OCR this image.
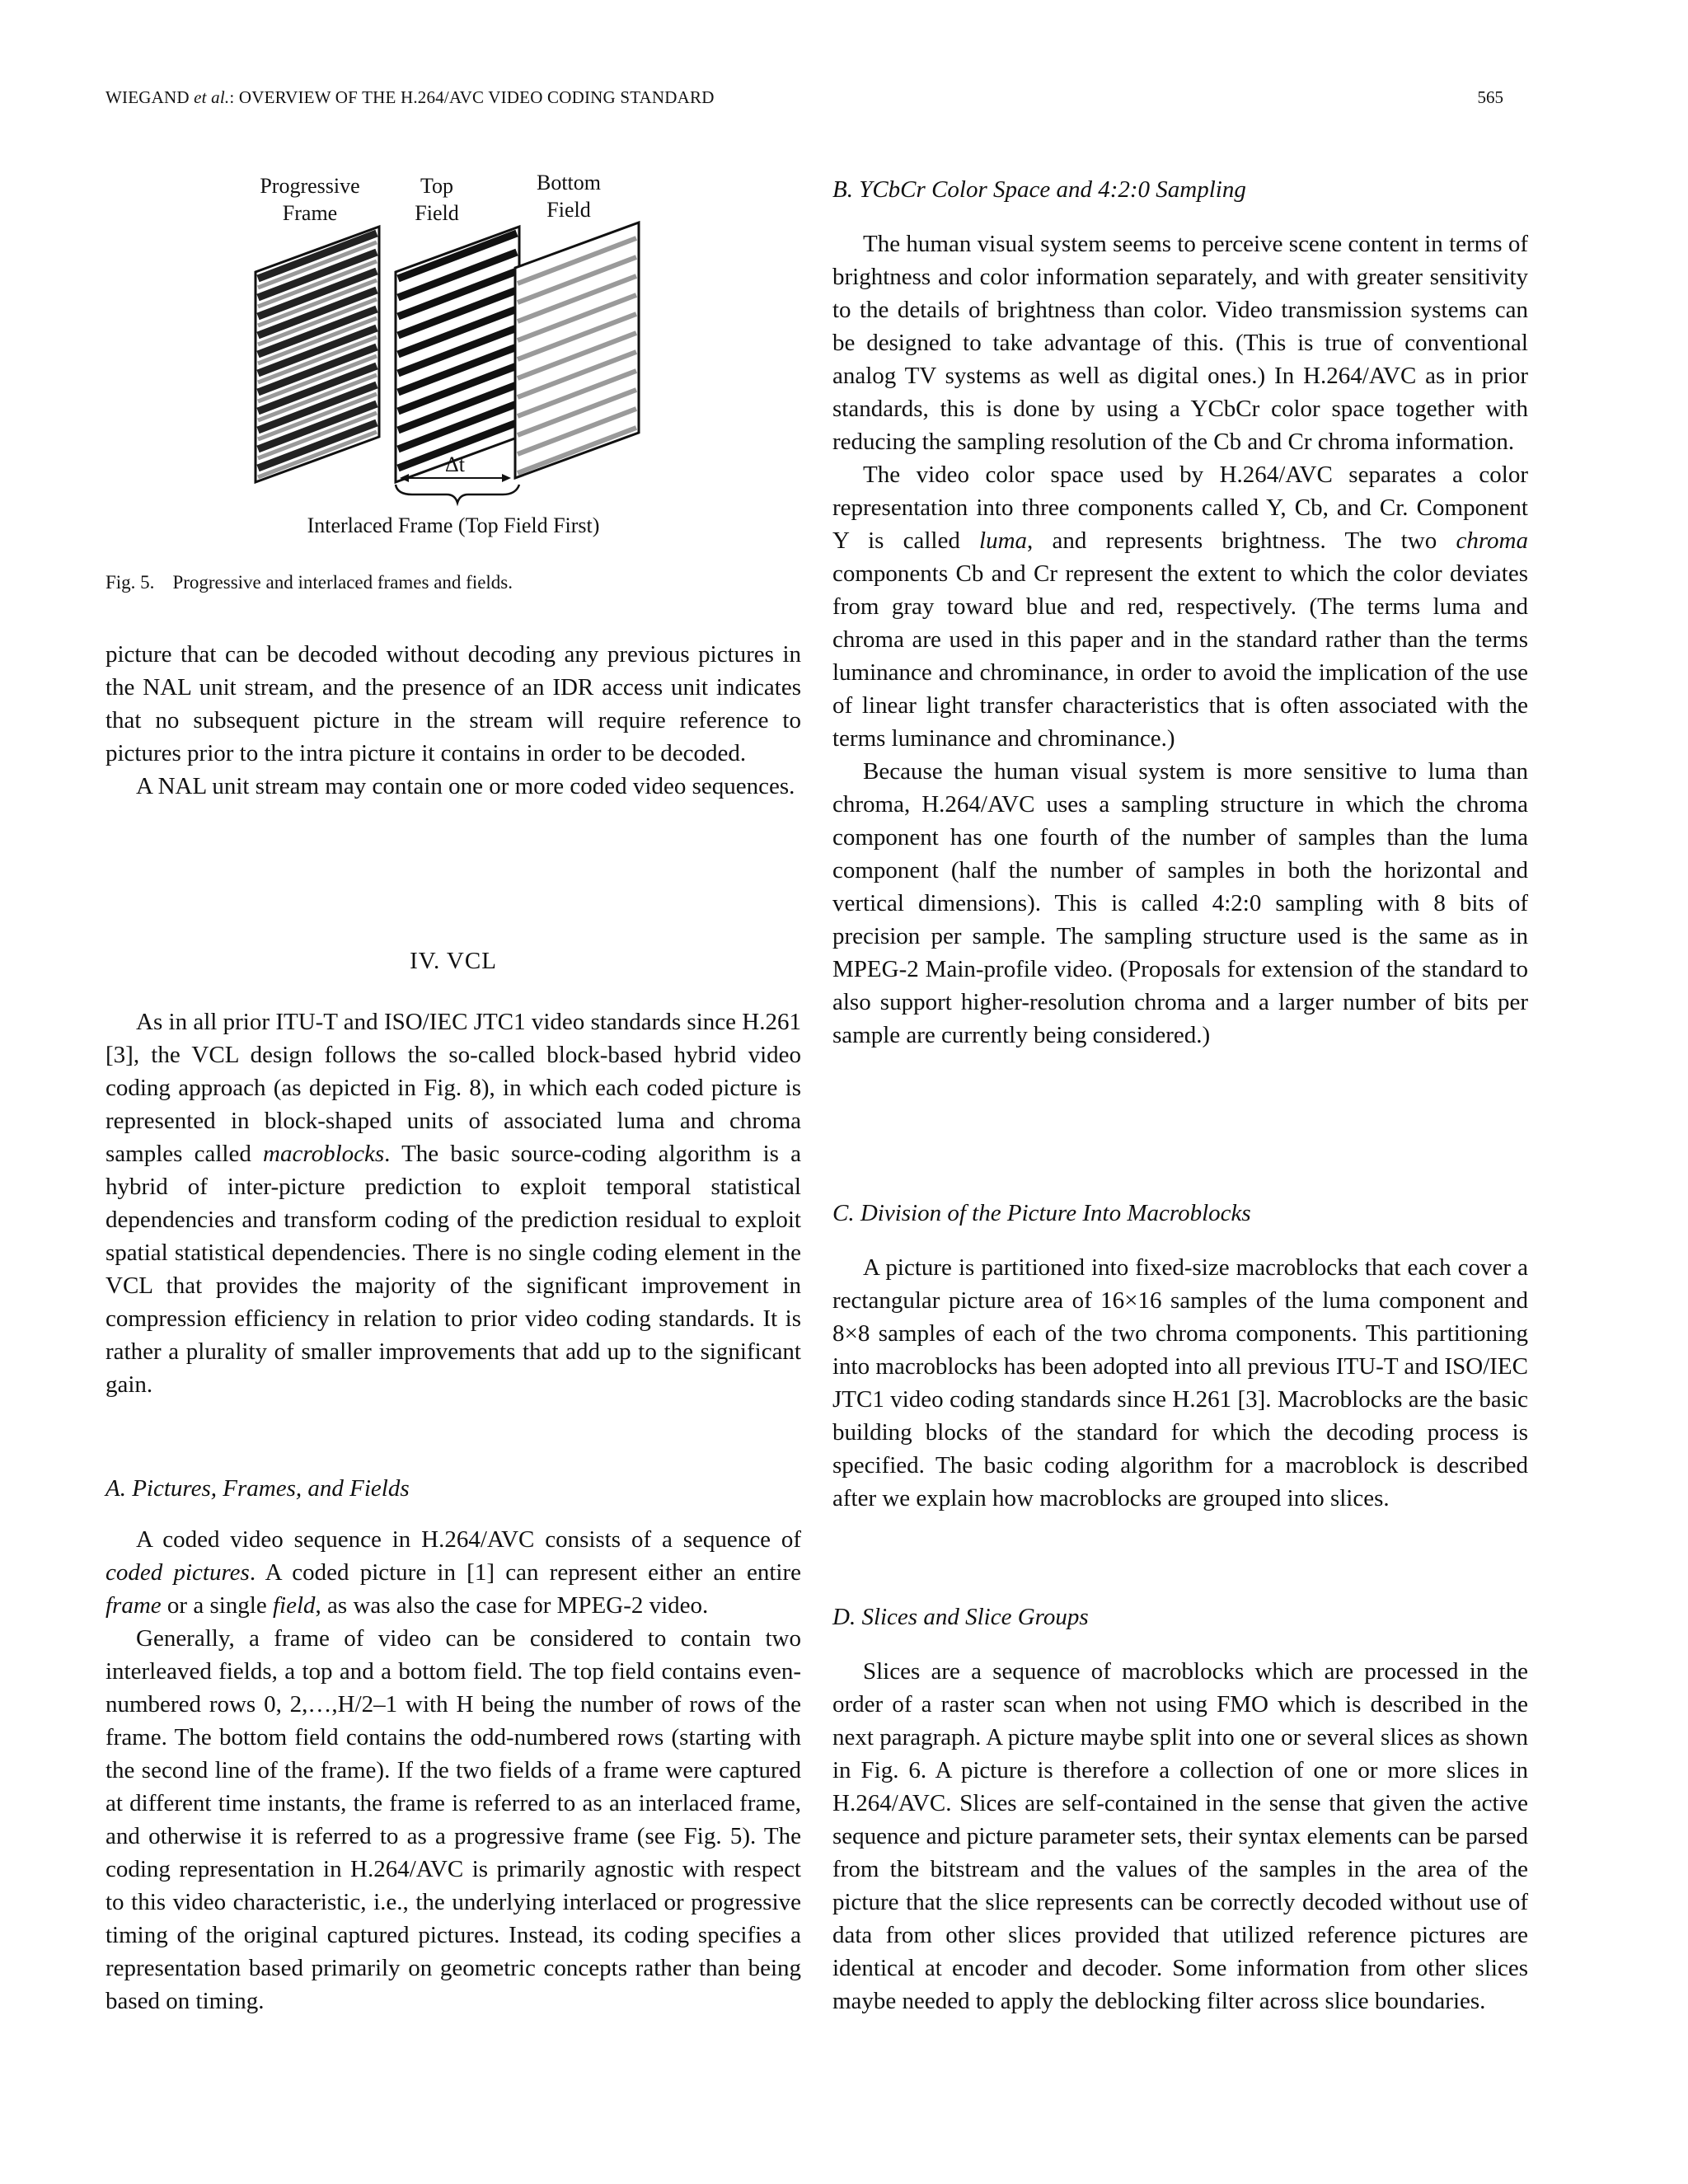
WIEGAND et al.: OVERVIEW OF THE H.264/AVC VIDEO CODING STANDARD	565
Progressive
Frame
Top
Field
Bottom
Field
Δt
Interlaced Frame (Top Field First)
Fig. 5. Progressive and interlaced frames and fields.

picture that can be decoded without decoding any previous pictures in the NAL unit stream, and the presence of an IDR access unit indicates that no subsequent picture in the stream will require reference to pictures prior to the intra picture it contains in order to be decoded.

A NAL unit stream may contain one or more coded video sequences.

IV. VCL

As in all prior ITU-T and ISO/IEC JTC1 video standards since H.261 [3], the VCL design follows the so-called block-based hybrid video coding approach (as depicted in Fig. 8), in which each coded picture is represented in block-shaped units of associated luma and chroma samples called macroblocks. The basic source-coding algorithm is a hybrid of inter-picture prediction to exploit temporal statistical dependencies and transform coding of the prediction residual to exploit spatial statistical dependencies. There is no single coding element in the VCL that provides the majority of the significant improvement in compression efficiency in relation to prior video coding standards. It is rather a plurality of smaller improvements that add up to the significant gain.

A. Pictures, Frames, and Fields

A coded video sequence in H.264/AVC consists of a sequence of coded pictures. A coded picture in [1] can represent either an entire frame or a single field, as was also the case for MPEG-2 video.

Generally, a frame of video can be considered to contain two interleaved fields, a top and a bottom field. The top field contains even-numbered rows 0, 2,…,H/2–1 with H being the number of rows of the frame. The bottom field contains the odd-numbered rows (starting with the second line of the frame). If the two fields of a frame were captured at different time instants, the frame is referred to as an interlaced frame, and otherwise it is referred to as a progressive frame (see Fig. 5). The coding representation in H.264/AVC is primarily agnostic with respect to this video characteristic, i.e., the underlying interlaced or progressive timing of the original captured pictures. Instead, its coding specifies a representation based primarily on geometric concepts rather than being based on timing.

B. YCbCr Color Space and 4:2:0 Sampling

The human visual system seems to perceive scene content in terms of brightness and color information separately, and with greater sensitivity to the details of brightness than color. Video transmission systems can be designed to take advantage of this. (This is true of conventional analog TV systems as well as digital ones.) In H.264/AVC as in prior standards, this is done by using a YCbCr color space together with reducing the sampling resolution of the Cb and Cr chroma information.

The video color space used by H.264/AVC separates a color representation into three components called Y, Cb, and Cr. Component Y is called luma, and represents brightness. The two chroma components Cb and Cr represent the extent to which the color deviates from gray toward blue and red, respectively. (The terms luma and chroma are used in this paper and in the standard rather than the terms luminance and chrominance, in order to avoid the implication of the use of linear light transfer characteristics that is often associated with the terms luminance and chrominance.)

Because the human visual system is more sensitive to luma than chroma, H.264/AVC uses a sampling structure in which the chroma component has one fourth of the number of samples than the luma component (half the number of samples in both the horizontal and vertical dimensions). This is called 4:2:0 sampling with 8 bits of precision per sample. The sampling structure used is the same as in MPEG-2 Main-profile video. (Proposals for extension of the standard to also support higher-resolution chroma and a larger number of bits per sample are currently being considered.)

C. Division of the Picture Into Macroblocks

A picture is partitioned into fixed-size macroblocks that each cover a rectangular picture area of 16×16 samples of the luma component and 8×8 samples of each of the two chroma components. This partitioning into macroblocks has been adopted into all previous ITU-T and ISO/IEC JTC1 video coding standards since H.261 [3]. Macroblocks are the basic building blocks of the standard for which the decoding process is specified. The basic coding algorithm for a macroblock is described after we explain how macroblocks are grouped into slices.

D. Slices and Slice Groups

Slices are a sequence of macroblocks which are processed in the order of a raster scan when not using FMO which is described in the next paragraph. A picture maybe split into one or several slices as shown in Fig. 6. A picture is therefore a collection of one or more slices in H.264/AVC. Slices are self-contained in the sense that given the active sequence and picture parameter sets, their syntax elements can be parsed from the bitstream and the values of the samples in the area of the picture that the slice represents can be correctly decoded without use of data from other slices provided that utilized reference pictures are identical at encoder and decoder. Some information from other slices maybe needed to apply the deblocking filter across slice boundaries.
